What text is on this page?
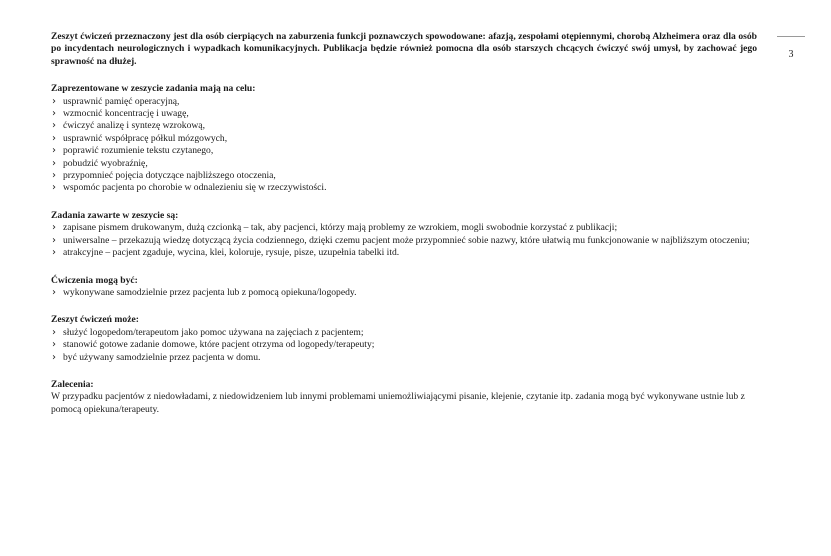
3

Zeszyt ćwiczeń przeznaczony jest dla osób cierpiących na zaburzenia funkcji poznawczych spowodowane: afazją, zespołami otępiennymi, chorobą Alzheimera oraz dla osób po incydentach neurologicznych i wypadkach komunikacyjnych. Publikacja będzie również pomocna dla osób starszych chcących ćwiczyć swój umysł, by zachować jego sprawność na dłużej.

Zaprezentowane w zeszycie zadania mają na celu:

› usprawnić pamięć operacyjną,
› wzmocnić koncentrację i uwagę,
› ćwiczyć analizę i syntezę wzrokową,
› usprawnić współpracę półkul mózgowych,
› poprawić rozumienie tekstu czytanego,
› pobudzić wyobraźnię,
› przypomnieć pojęcia dotyczące najbliższego otoczenia,
› wspomóc pacjenta po chorobie w odnalezieniu się w rzeczywistości.

Zadania zawarte w zeszycie są:

› zapisane pismem drukowanym, dużą czcionką – tak, aby pacjenci, którzy mają problemy ze wzrokiem, mogli swobodnie korzystać z publikacji;
› uniwersalne – przekazują wiedzę dotyczącą życia codziennego, dzięki czemu pacjent może przypomnieć sobie nazwy, które ułatwią mu funkcjonowanie w najbliższym otoczeniu;
› atrakcyjne – pacjent zgaduje, wycina, klei, koloruje, rysuje, pisze, uzupełnia tabelki itd.

Ćwiczenia mogą być:

› wykonywane samodzielnie przez pacjenta lub z pomocą opiekuna/logopedy.

Zeszyt ćwiczeń może:

› służyć logopedom/terapeutom jako pomoc używana na zajęciach z pacjentem;
› stanowić gotowe zadanie domowe, które pacjent otrzyma od logopedy/terapeuty;
› być używany samodzielnie przez pacjenta w domu.

Zalecenia:

W przypadku pacjentów z niedowładami, z niedowidzeniem lub innymi problemami uniemożliwiającymi pisanie, klejenie, czytanie itp. zadania mogą być wykonywane ustnie lub z pomocą opiekuna/terapeuty.
